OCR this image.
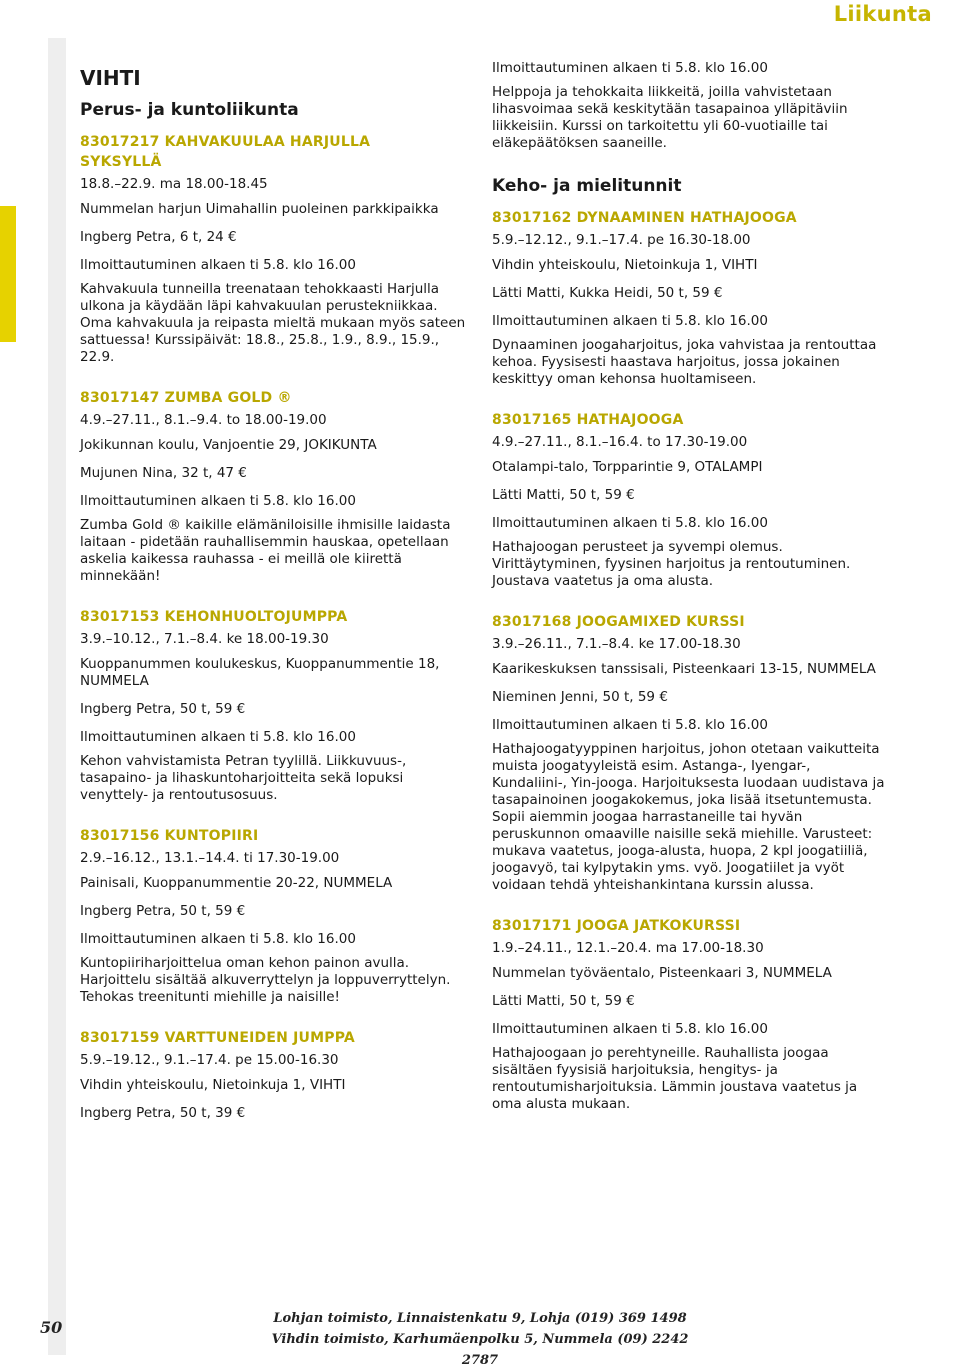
Liikunta
50
VIHTI
Perus- ja kuntoliikunta
83017217 KAHVAKUULAA HARJULLA
SYKSYLLÄ
18.8.–22.9. ma 18.00-18.45
Nummelan harjun Uimahallin puoleinen parkkipaikka
Ingberg Petra, 6 t, 24 €
Ilmoittautuminen alkaen ti 5.8. klo 16.00
Kahvakuula tunneilla treenataan tehokkaasti Harjulla ulkona ja käydään läpi kahvakuulan perustekniikkaa. Oma kahvakuula ja reipasta mieltä mukaan myös sateen sattuessa! Kurssipäivät: 18.8., 25.8., 1.9., 8.9., 15.9., 22.9.
83017147 ZUMBA GOLD ®
4.9.–27.11., 8.1.–9.4. to 18.00-19.00
Jokikunnan koulu, Vanjoentie 29, JOKIKUNTA
Mujunen Nina, 32 t, 47 €
Ilmoittautuminen alkaen ti 5.8. klo 16.00
Zumba Gold ® kaikille elämäniloisille ihmisille laidasta laitaan - pidetään rauhallisemmin hauskaa, opetellaan askelia kaikessa rauhassa - ei meillä ole kiirettä minnekään!
83017153 KEHONHUOLTOJUMPPA
3.9.–10.12., 7.1.–8.4. ke 18.00-19.30
Kuoppanummen koulukeskus, Kuoppanummentie 18, NUMMELA
Ingberg Petra, 50 t, 59 €
Ilmoittautuminen alkaen ti 5.8. klo 16.00
Kehon vahvistamista Petran tyylillä. Liikkuvuus-, tasapaino- ja lihaskuntoharjoitteita sekä lopuksi venyttely- ja rentoutusosuus.
83017156 KUNTOPIIRI
2.9.–16.12., 13.1.–14.4. ti 17.30-19.00
Painisali, Kuoppanummentie 20-22, NUMMELA
Ingberg Petra, 50 t, 59 €
Ilmoittautuminen alkaen ti 5.8. klo 16.00
Kuntopiiriharjoittelua oman kehon painon avulla. Harjoittelu sisältää alkuverryttelyn ja loppuverryttelyn. Tehokas treenitunti miehille ja naisille!
83017159 VARTTUNEIDEN JUMPPA
5.9.–19.12., 9.1.–17.4. pe 15.00-16.30
Vihdin yhteiskoulu, Nietoinkuja 1, VIHTI
Ingberg Petra, 50 t, 39 €
Ilmoittautuminen alkaen ti 5.8. klo 16.00
Helppoja ja tehokkaita liikkeitä, joilla vahvistetaan lihasvoimaa sekä keskitytään tasapainoa ylläpitäviin liikkeisiin. Kurssi on tarkoitettu yli 60-vuotiaille tai eläkepäätöksen saaneille.
Keho- ja mielitunnit
83017162 DYNAAMINEN HATHAJOOGA
5.9.–12.12., 9.1.–17.4. pe 16.30-18.00
Vihdin yhteiskoulu, Nietoinkuja 1, VIHTI
Lätti Matti, Kukka Heidi, 50 t, 59 €
Ilmoittautuminen alkaen ti 5.8. klo 16.00
Dynaaminen joogaharjoitus, joka vahvistaa ja rentouttaa kehoa. Fyysisesti haastava harjoitus, jossa jokainen keskittyy oman kehonsa huoltamiseen.
83017165 HATHAJOOGA
4.9.–27.11., 8.1.–16.4. to 17.30-19.00
Otalampi-talo, Torpparintie 9, OTALAMPI
Lätti Matti, 50 t, 59 €
Ilmoittautuminen alkaen ti 5.8. klo 16.00
Hathajoogan perusteet ja syvempi olemus. Virittäytyminen, fyysinen harjoitus ja rentoutuminen. Joustava vaatetus ja oma alusta.
83017168 JOOGAMIXED KURSSI
3.9.–26.11., 7.1.–8.4. ke 17.00-18.30
Kaarikeskuksen tanssisali, Pisteenkaari 13-15, NUMMELA
Nieminen Jenni, 50 t, 59 €
Ilmoittautuminen alkaen ti 5.8. klo 16.00
Hathajoogatyyppinen harjoitus, johon otetaan vaikutteita muista joogatyyleistä esim. Astanga-, Iyengar-, Kundaliini-, Yin-jooga. Harjoituksesta luodaan uudistava ja tasapainoinen joogakokemus, joka lisää itsetuntemusta. Sopii aiemmin joogaa harrastaneille tai hyvän peruskunnon omaaville naisille sekä miehille. Varusteet: mukava vaatetus, jooga-alusta, huopa, 2 kpl joogatiiliä, joogavyö, tai kylpytakin yms. vyö. Joogatiilet ja vyöt voidaan tehdä yhteishankintana kurssin alussa.
83017171 JOOGA JATKOKURSSI
1.9.–24.11., 12.1.–20.4. ma 17.00-18.30
Nummelan työväentalo, Pisteenkaari 3, NUMMELA
Lätti Matti, 50 t, 59 €
Ilmoittautuminen alkaen ti 5.8. klo 16.00
Hathajoogaan jo perehtyneille. Rauhallista joogaa sisältäen fyysisiä harjoituksia, hengitys- ja rentoutumisharjoituksia. Lämmin joustava vaatetus ja oma alusta mukaan.
Lohjan toimisto, Linnaistenkatu 9, Lohja (019) 369 1498
Vihdin toimisto, Karhumäenpolku 5, Nummela (09) 2242 2787
